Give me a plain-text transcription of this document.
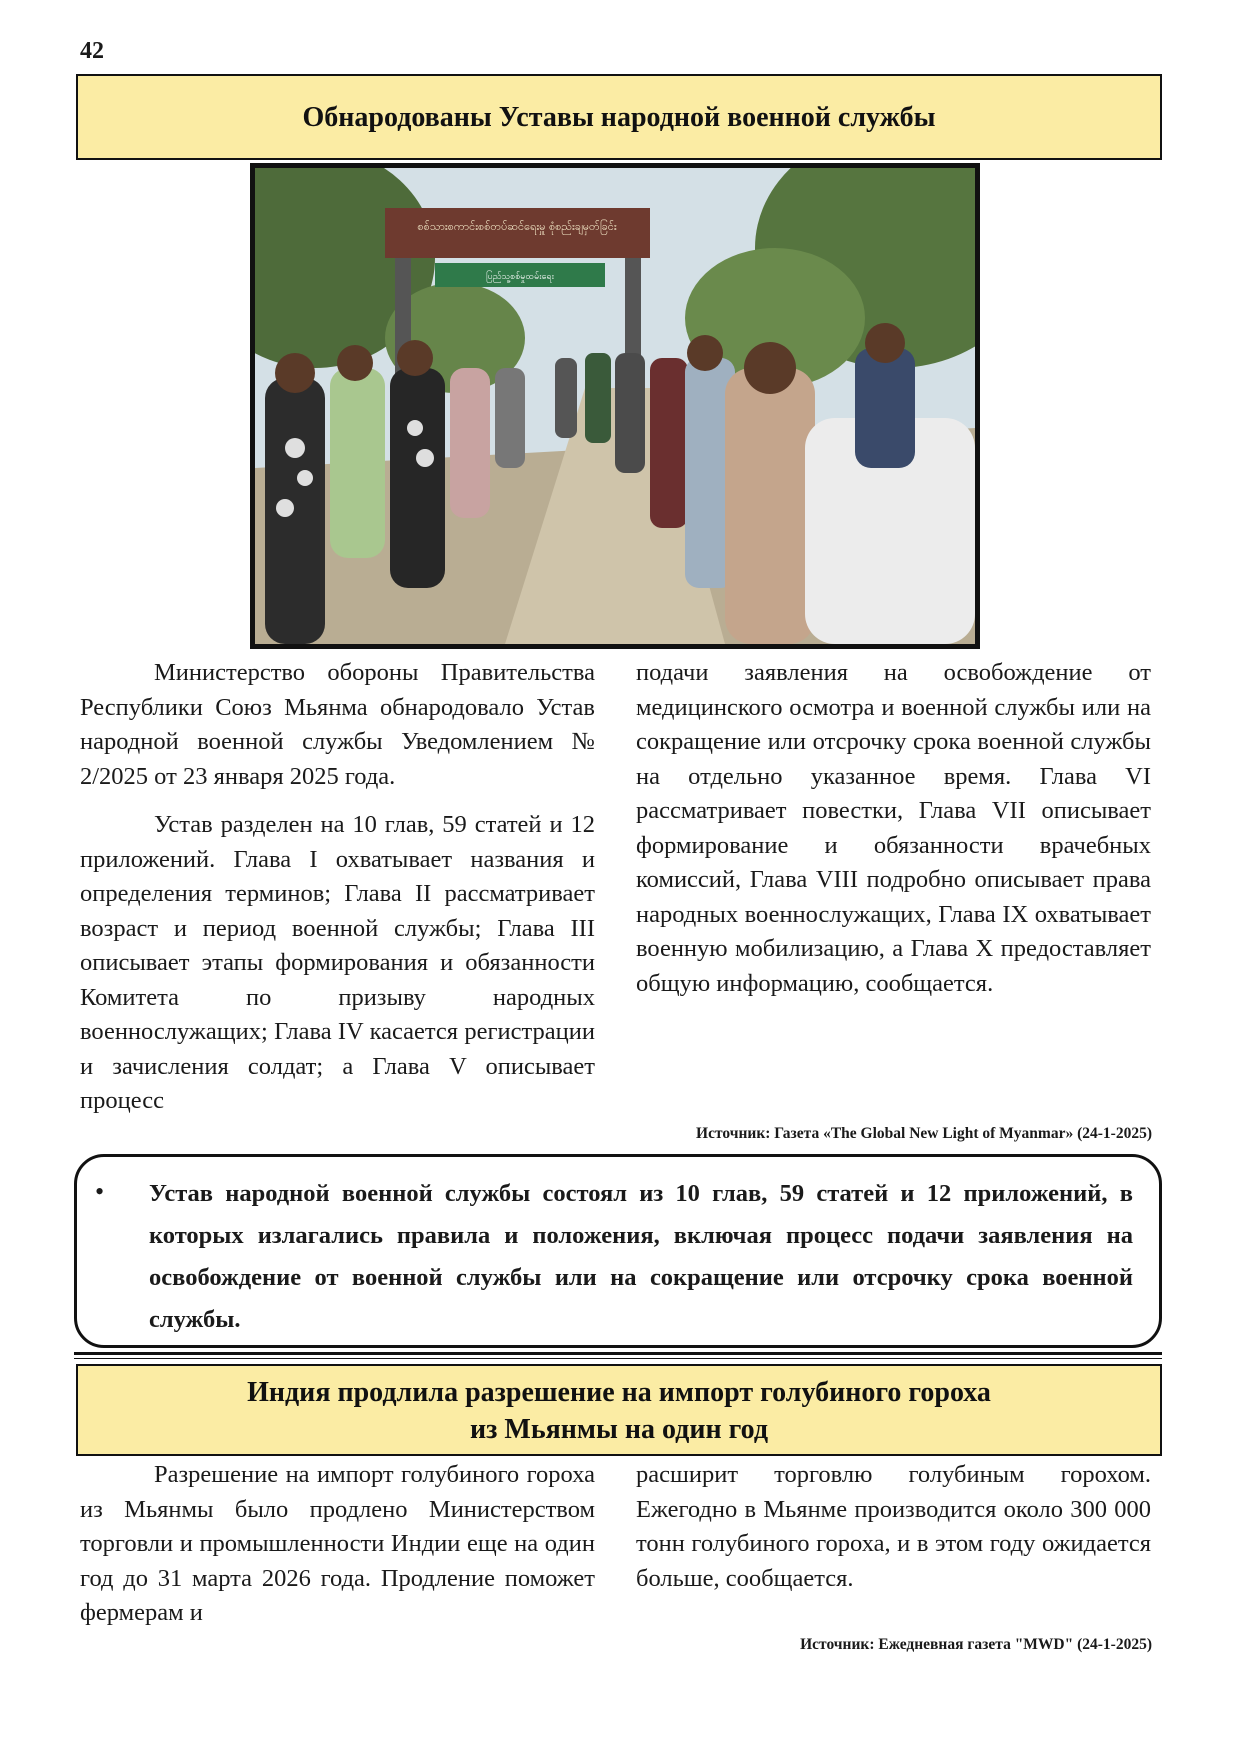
42
Обнародованы Уставы народной военной службы
စစ်သားစကာင်းစစ်တပ်ဆင်ရေးမှူ စုံစည်းချမှတ်ခြင်း
ပြည်သူ့စစ်မှုထမ်းရေး

Министерство обороны Правительства Республики Союз Мьянма обнародовало Устав народной военной службы Уведомлением № 2/2025 от 23 января 2025 года.

Устав разделен на 10 глав, 59 статей и 12 приложений. Глава I охватывает названия и определения терминов; Глава II рассматривает возраст и период военной службы; Глава III описывает этапы формирования и обязанности Комитета по призыву народных военнослужащих; Глава IV касается регистрации и зачисления солдат; а Глава V описывает процесс

подачи заявления на освобождение от медицинского осмотра и военной службы или на сокращение или отсрочку срока военной службы на отдельно указанное время. Глава VI рассматривает повестки, Глава VII описывает формирование и обязанности врачебных комиссий, Глава VIII подробно описывает права народных военнослужащих, Глава IX охватывает военную мобилизацию, а Глава X предоставляет общую информацию, сообщается.

Источник: Газета «The Global New Light of Myanmar» (24-1-2025)
•	Устав народной военной службы состоял из 10 глав, 59 статей и 12 приложений, в которых излагались правила и положения, включая процесс подачи заявления на освобождение от военной службы или на сокращение или отсрочку срока военной службы.
Индия продлила разрешение на импорт голубиного гороха
из Мьянмы на один год

Разрешение на импорт голубиного гороха из Мьянмы было продлено Министерством торговли и промышленности Индии еще на один год до 31 марта 2026 года. Продление поможет фермерам и

расширит торговлю голубиным горохом. Ежегодно в Мьянме производится около 300 000 тонн голубиного гороха, и в этом году ожидается больше, сообщается.

Источник: Ежедневная газета "MWD" (24-1-2025)
